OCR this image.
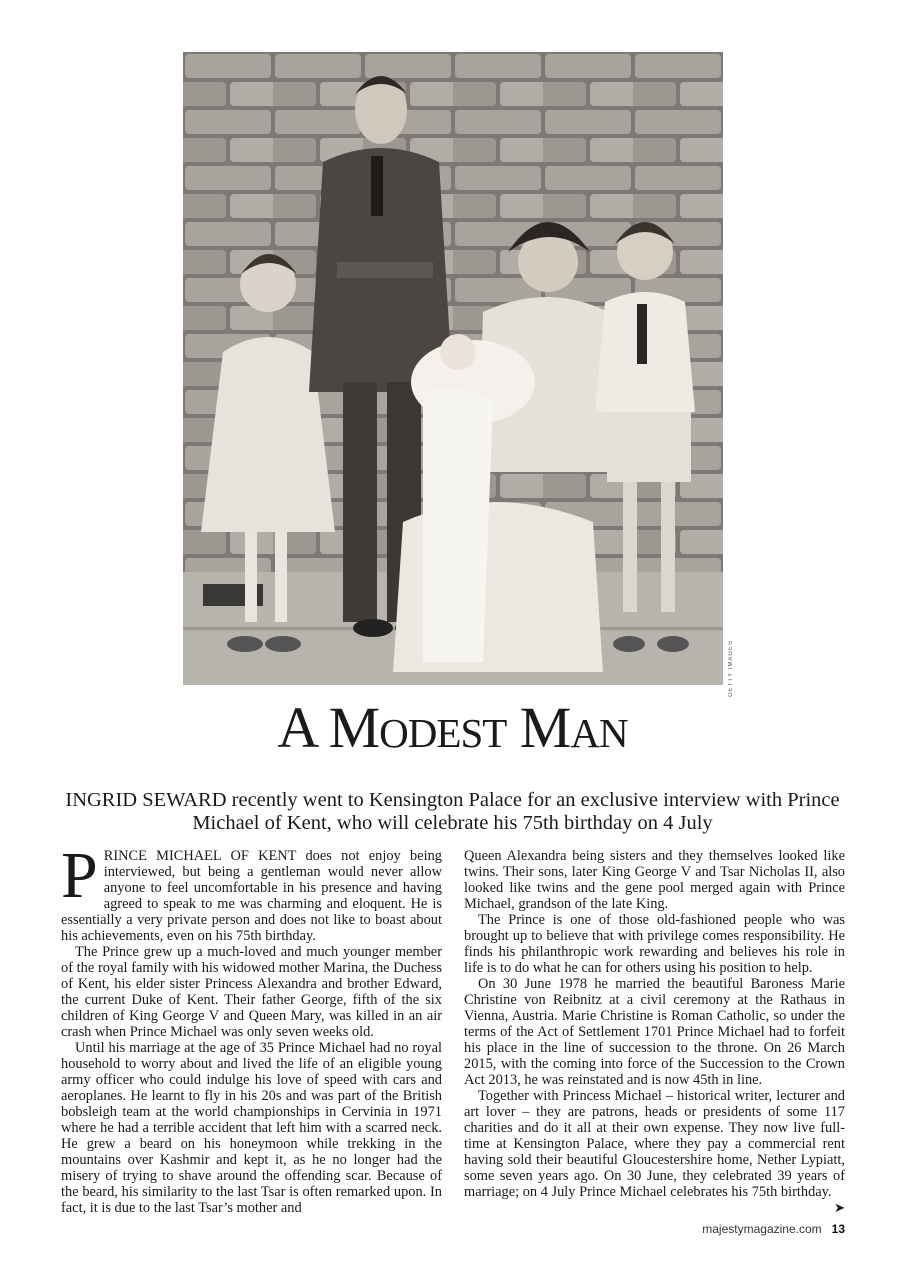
GETTY IMAGES
A Modest Man

INGRID SEWARD recently went to Kensington Palace for an exclusive interview with Prince Michael of Kent, who will celebrate his 75th birthday on 4 July

PRINCE MICHAEL OF KENT does not enjoy being interviewed, but being a gentleman would never allow anyone to feel uncomfortable in his presence and having agreed to speak to me was charming and eloquent. He is essentially a very private person and does not like to boast about his achievements, even on his 75th birthday.

The Prince grew up a much-loved and much younger member of the royal family with his widowed mother Marina, the Duchess of Kent, his elder sister Princess Alexandra and brother Edward, the current Duke of Kent. Their father George, fifth of the six children of King George V and Queen Mary, was killed in an air crash when Prince Michael was only seven weeks old.

Until his marriage at the age of 35 Prince Michael had no royal household to worry about and lived the life of an eligible young army officer who could indulge his love of speed with cars and aeroplanes. He learnt to fly in his 20s and was part of the British bobsleigh team at the world championships in Cervinia in 1971 where he had a terrible accident that left him with a scarred neck. He grew a beard on his honeymoon while trekking in the mountains over Kashmir and kept it, as he no longer had the misery of trying to shave around the offending scar. Because of the beard, his similarity to the last Tsar is often remarked upon. In fact, it is due to the last Tsar’s mother and

Queen Alexandra being sisters and they themselves looked like twins. Their sons, later King George V and Tsar Nicholas II, also looked like twins and the gene pool merged again with Prince Michael, grandson of the late King.

The Prince is one of those old-fashioned people who was brought up to believe that with privilege comes responsibility. He finds his philanthropic work rewarding and believes his role in life is to do what he can for others using his position to help.

On 30 June 1978 he married the beautiful Baroness Marie Christine von Reibnitz at a civil ceremony at the Rathaus in Vienna, Austria. Marie Christine is Roman Catholic, so under the terms of the Act of Settlement 1701 Prince Michael had to forfeit his place in the line of succession to the throne. On 26 March 2015, with the coming into force of the Succession to the Crown Act 2013, he was reinstated and is now 45th in line.

Together with Princess Michael – historical writer, lecturer and art lover – they are patrons, heads or presidents of some 117 charities and do it all at their own expense. They now live full-time at Kensington Palace, where they pay a commercial rent having sold their beautiful Gloucestershire home, Nether Lypiatt, some seven years ago. On 30 June, they celebrated 39 years of marriage; on 4 July Prince Michael celebrates his 75th birthday.
➤

majestymagazine.com 13
